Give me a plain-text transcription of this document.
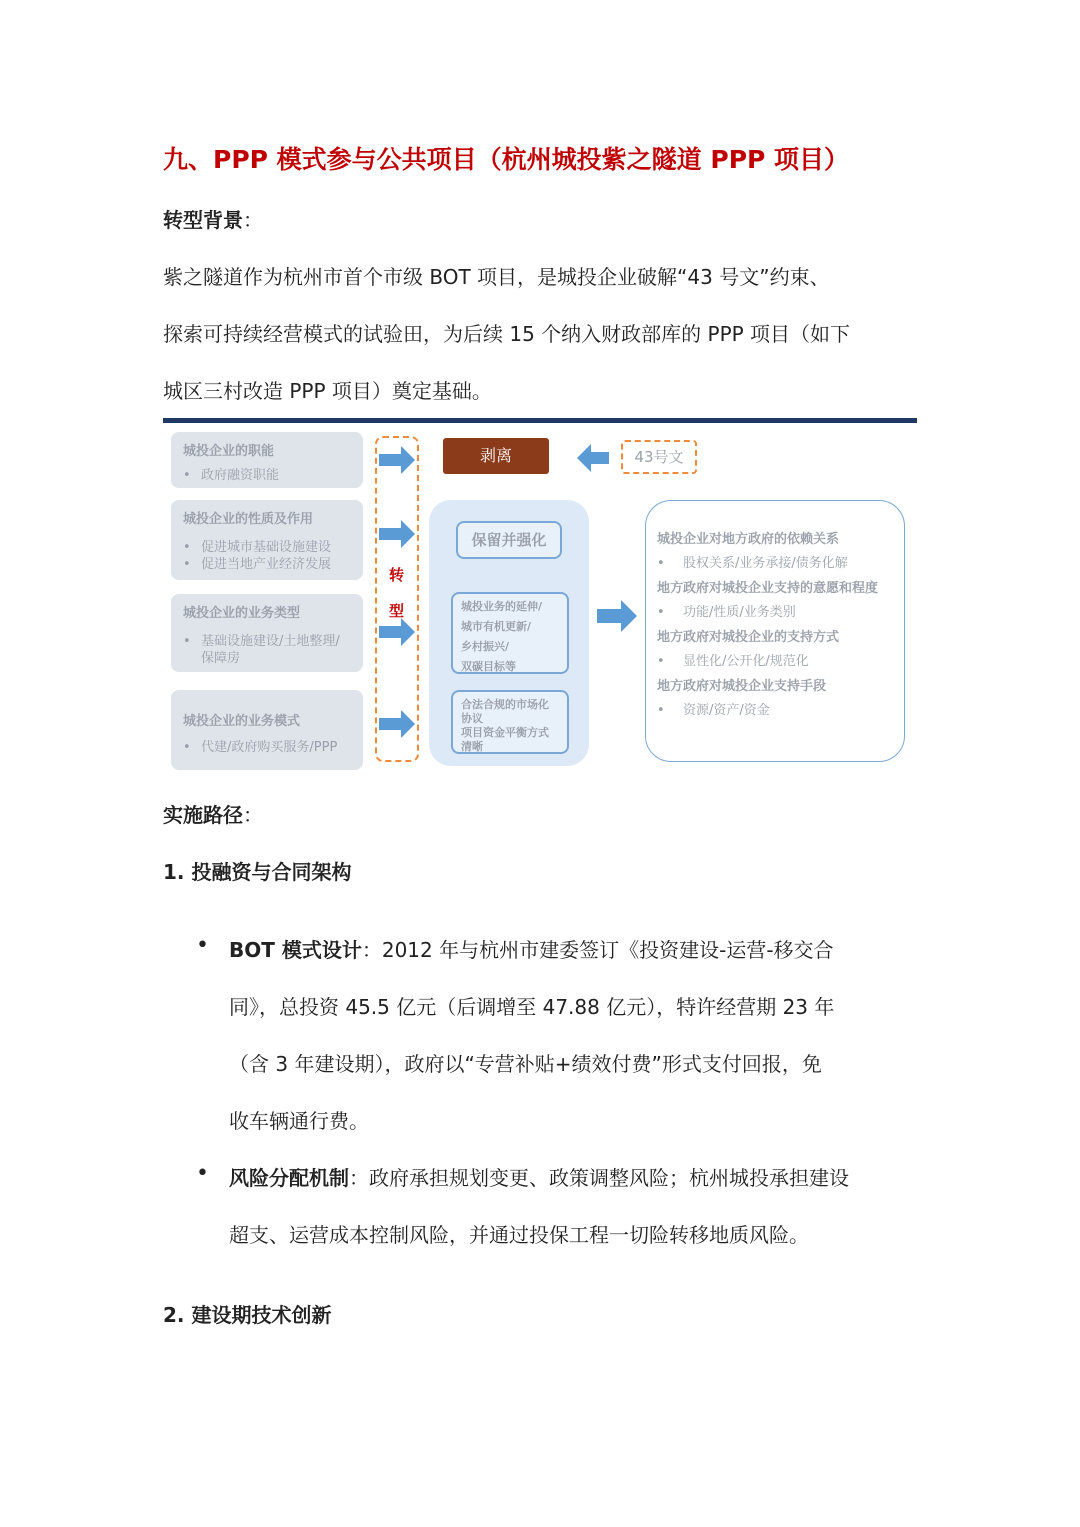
九、PPP 模式参与公共项目（杭州城投紫之隧道 PPP 项目）
转型背景：
紫之隧道作为杭州市首个市级 BOT 项目，是城投企业破解“43 号文”约束、
探索可持续经营模式的试验田，为后续 15 个纳入财政部库的 PPP 项目（如下
城区三村改造 PPP 项目）奠定基础。
城投企业的职能
• 政府融资职能
城投企业的性质及作用
• 促进城市基础设施建设
• 促进当地产业经济发展
城投企业的业务类型
• 基础设施建设/土地整理/
保障房
城投企业的业务模式
• 代建/政府购买服务/PPP
转
型
剥离	43号文
保留并强化
城投业务的延伸/
城市有机更新/
乡村振兴/
双碳目标等
合法合规的市场化
协议
项目资金平衡方式
清晰
城投企业对地方政府的依赖关系
• 股权关系/业务承接/债务化解
地方政府对城投企业支持的意愿和程度
• 功能/性质/业务类别
地方政府对城投企业的支持方式
• 显性化/公开化/规范化
地方政府对城投企业支持手段
• 资源/资产/资金
实施路径：
1. 投融资与合同架构
• BOT 模式设计：2012 年与杭州市建委签订《投资建设-运营-移交合
同》，总投资 45.5 亿元（后调增至 47.88 亿元），特许经营期 23 年
（含 3 年建设期），政府以“专营补贴+绩效付费”形式支付回报，免
收车辆通行费。
• 风险分配机制：政府承担规划变更、政策调整风险；杭州城投承担建设
超支、运营成本控制风险，并通过投保工程一切险转移地质风险。
2. 建设期技术创新
